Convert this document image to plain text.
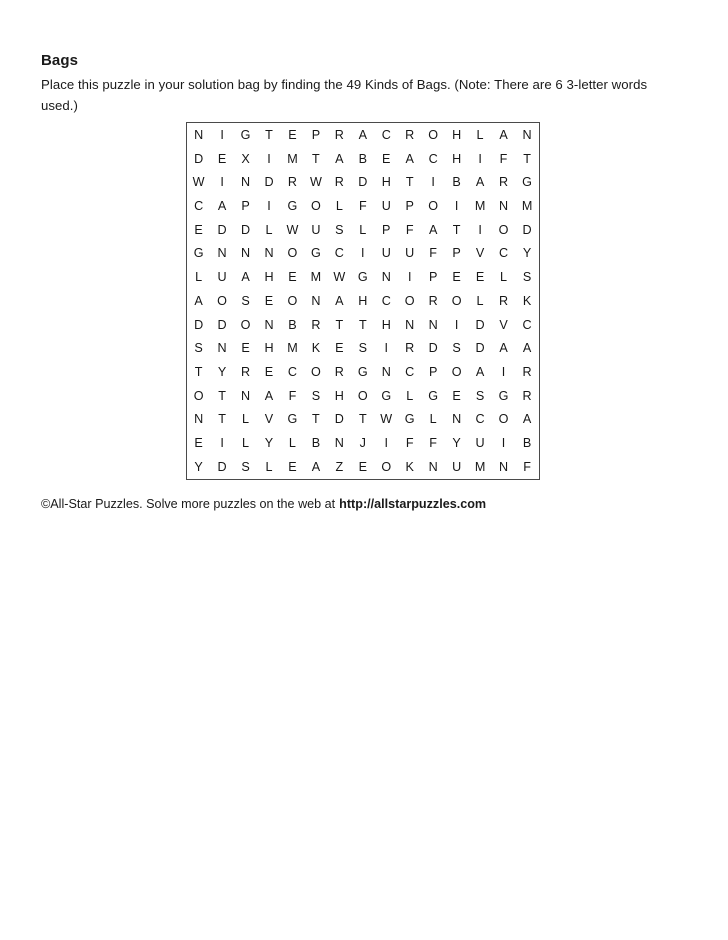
Bags

Place this puzzle in your solution bag by finding the 49 Kinds of Bags. (Note: There are 6 3-letter words used.)

N	I	G	T	E	P	R	A	C	R	O	H	L	A	N
D	E	X	I	M	T	A	B	E	A	C	H	I	F	T
W	I	N	D	R	W	R	D	H	T	I	B	A	R	G
C	A	P	I	G	O	L	F	U	P	O	I	M	N	M
E	D	D	L	W	U	S	L	P	F	A	T	I	O	D
G	N	N	N	O	G	C	I	U	U	F	P	V	C	Y
L	U	A	H	E	M	W	G	N	I	P	E	E	L	S
A	O	S	E	O	N	A	H	C	O	R	O	L	R	K
D	D	O	N	B	R	T	T	H	N	N	I	D	V	C
S	N	E	H	M	K	E	S	I	R	D	S	D	A	A
T	Y	R	E	C	O	R	G	N	C	P	O	A	I	R
O	T	N	A	F	S	H	O	G	L	G	E	S	G	R
N	T	L	V	G	T	D	T	W	G	L	N	C	O	A
E	I	L	Y	L	B	N	J	I	F	F	Y	U	I	B
Y	D	S	L	E	A	Z	E	O	K	N	U	M	N	F
©All-Star Puzzles. Solve more puzzles on the web at http://allstarpuzzles.com
